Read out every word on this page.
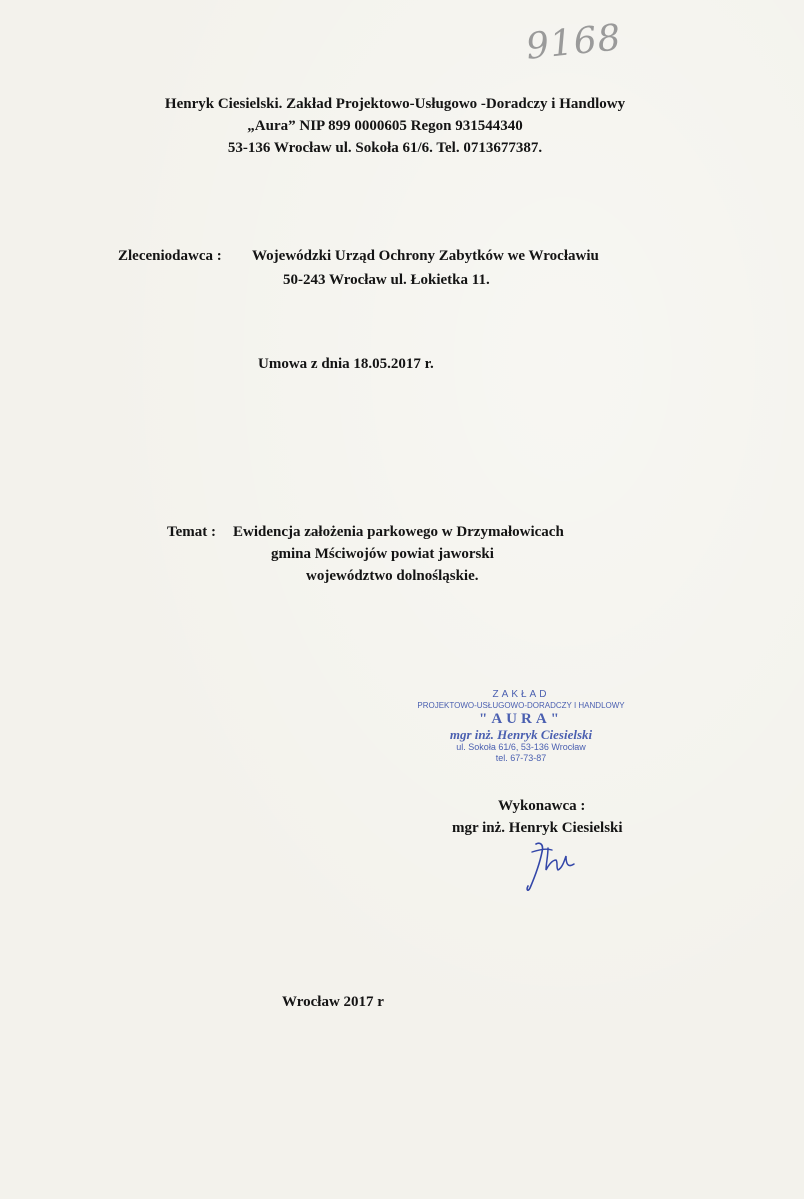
9168
Henryk Ciesielski. Zakład Projektowo-Usługowo -Doradczy i Handlowy
„Aura” NIP 899 0000605 Regon 931544340
53-136 Wrocław ul. Sokoła 61/6. Tel. 0713677387.
Zleceniodawca : Wojewódzki Urząd Ochrony Zabytków we Wrocławiu
50-243 Wrocław ul. Łokietka 11.
Umowa z dnia 18.05.2017 r.
Temat : Ewidencja założenia parkowego w Drzymałowicach
gmina Mściwojów powiat jaworski
województwo dolnośląskie.
ZAKŁAD
PROJEKTOWO-USŁUGOWO-DORADCZY I HANDLOWY
"AURA"
mgr inż. Henryk Ciesielski
ul. Sokoła 61/6, 53-136 Wrocław
tel. 67-73-87
Wykonawca :
mgr inż. Henryk Ciesielski
Wrocław 2017 r
